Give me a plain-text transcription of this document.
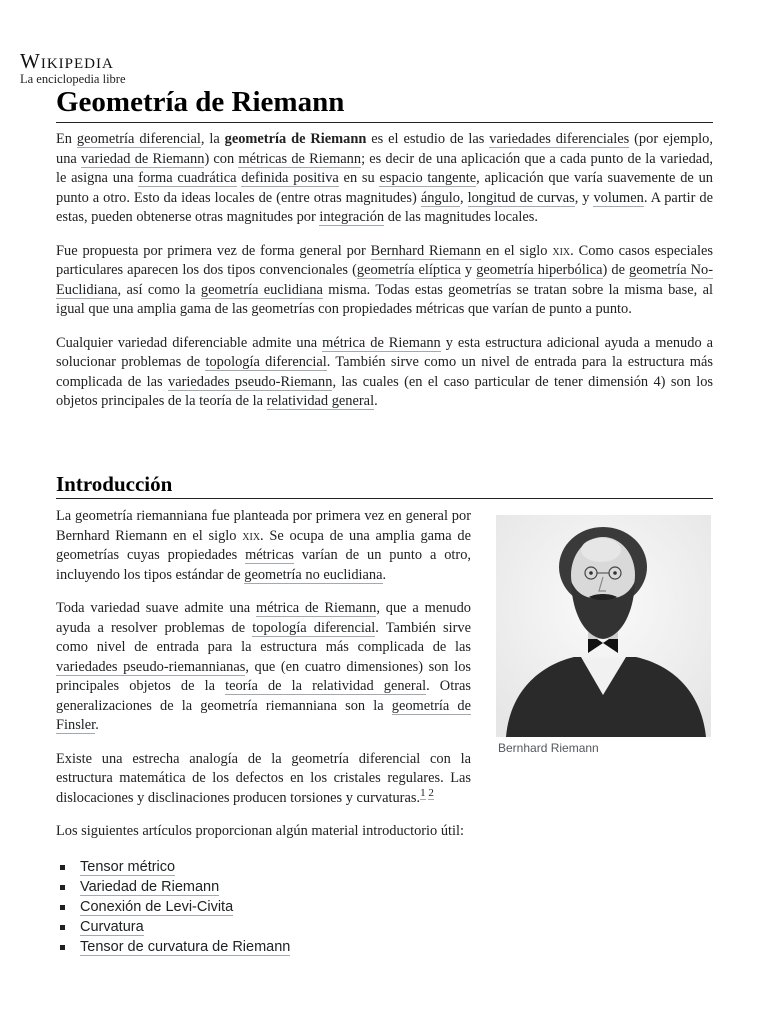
Wikipedia
La enciclopedia libre
Geometría de Riemann

En geometría diferencial, la geometría de Riemann es el estudio de las variedades diferenciales (por ejemplo, una variedad de Riemann) con métricas de Riemann; es decir de una aplicación que a cada punto de la variedad, le asigna una forma cuadrática definida positiva en su espacio tangente, aplicación que varía suavemente de un punto a otro. Esto da ideas locales de (entre otras magnitudes) ángulo, longitud de curvas, y volumen. A partir de estas, pueden obtenerse otras magnitudes por integración de las magnitudes locales.

Fue propuesta por primera vez de forma general por Bernhard Riemann en el siglo xix. Como casos especiales particulares aparecen los dos tipos convencionales (geometría elíptica y geometría hiperbólica) de geometría No-Euclidiana, así como la geometría euclidiana misma. Todas estas geometrías se tratan sobre la misma base, al igual que una amplia gama de las geometrías con propiedades métricas que varían de punto a punto.

Cualquier variedad diferenciable admite una métrica de Riemann y esta estructura adicional ayuda a menudo a solucionar problemas de topología diferencial. También sirve como un nivel de entrada para la estructura más complicada de las variedades pseudo-Riemann, las cuales (en el caso particular de tener dimensión 4) son los objetos principales de la teoría de la relatividad general.

Introducción

La geometría riemanniana fue planteada por primera vez en general por Bernhard Riemann en el siglo xix. Se ocupa de una amplia gama de geometrías cuyas propiedades métricas varían de un punto a otro, incluyendo los tipos estándar de geometría no euclidiana.

Toda variedad suave admite una métrica de Riemann, que a menudo ayuda a resolver problemas de topología diferencial. También sirve como nivel de entrada para la estructura más complicada de las variedades pseudo-riemannianas, que (en cuatro dimensiones) son los principales objetos de la teoría de la relatividad general. Otras generalizaciones de la geometría riemanniana son la geometría de Finsler.

Existe una estrecha analogía de la geometría diferencial con la estructura matemática de los defectos en los cristales regulares. Las dislocaciones y disclinaciones producen torsiones y curvaturas.$^{1 2}$

Los siguientes artículos proporcionan algún material introductorio útil:

Tensor métrico
Variedad de Riemann
Conexión de Levi-Civita
Curvatura
Tensor de curvatura de Riemann
Bernhard Riemann
